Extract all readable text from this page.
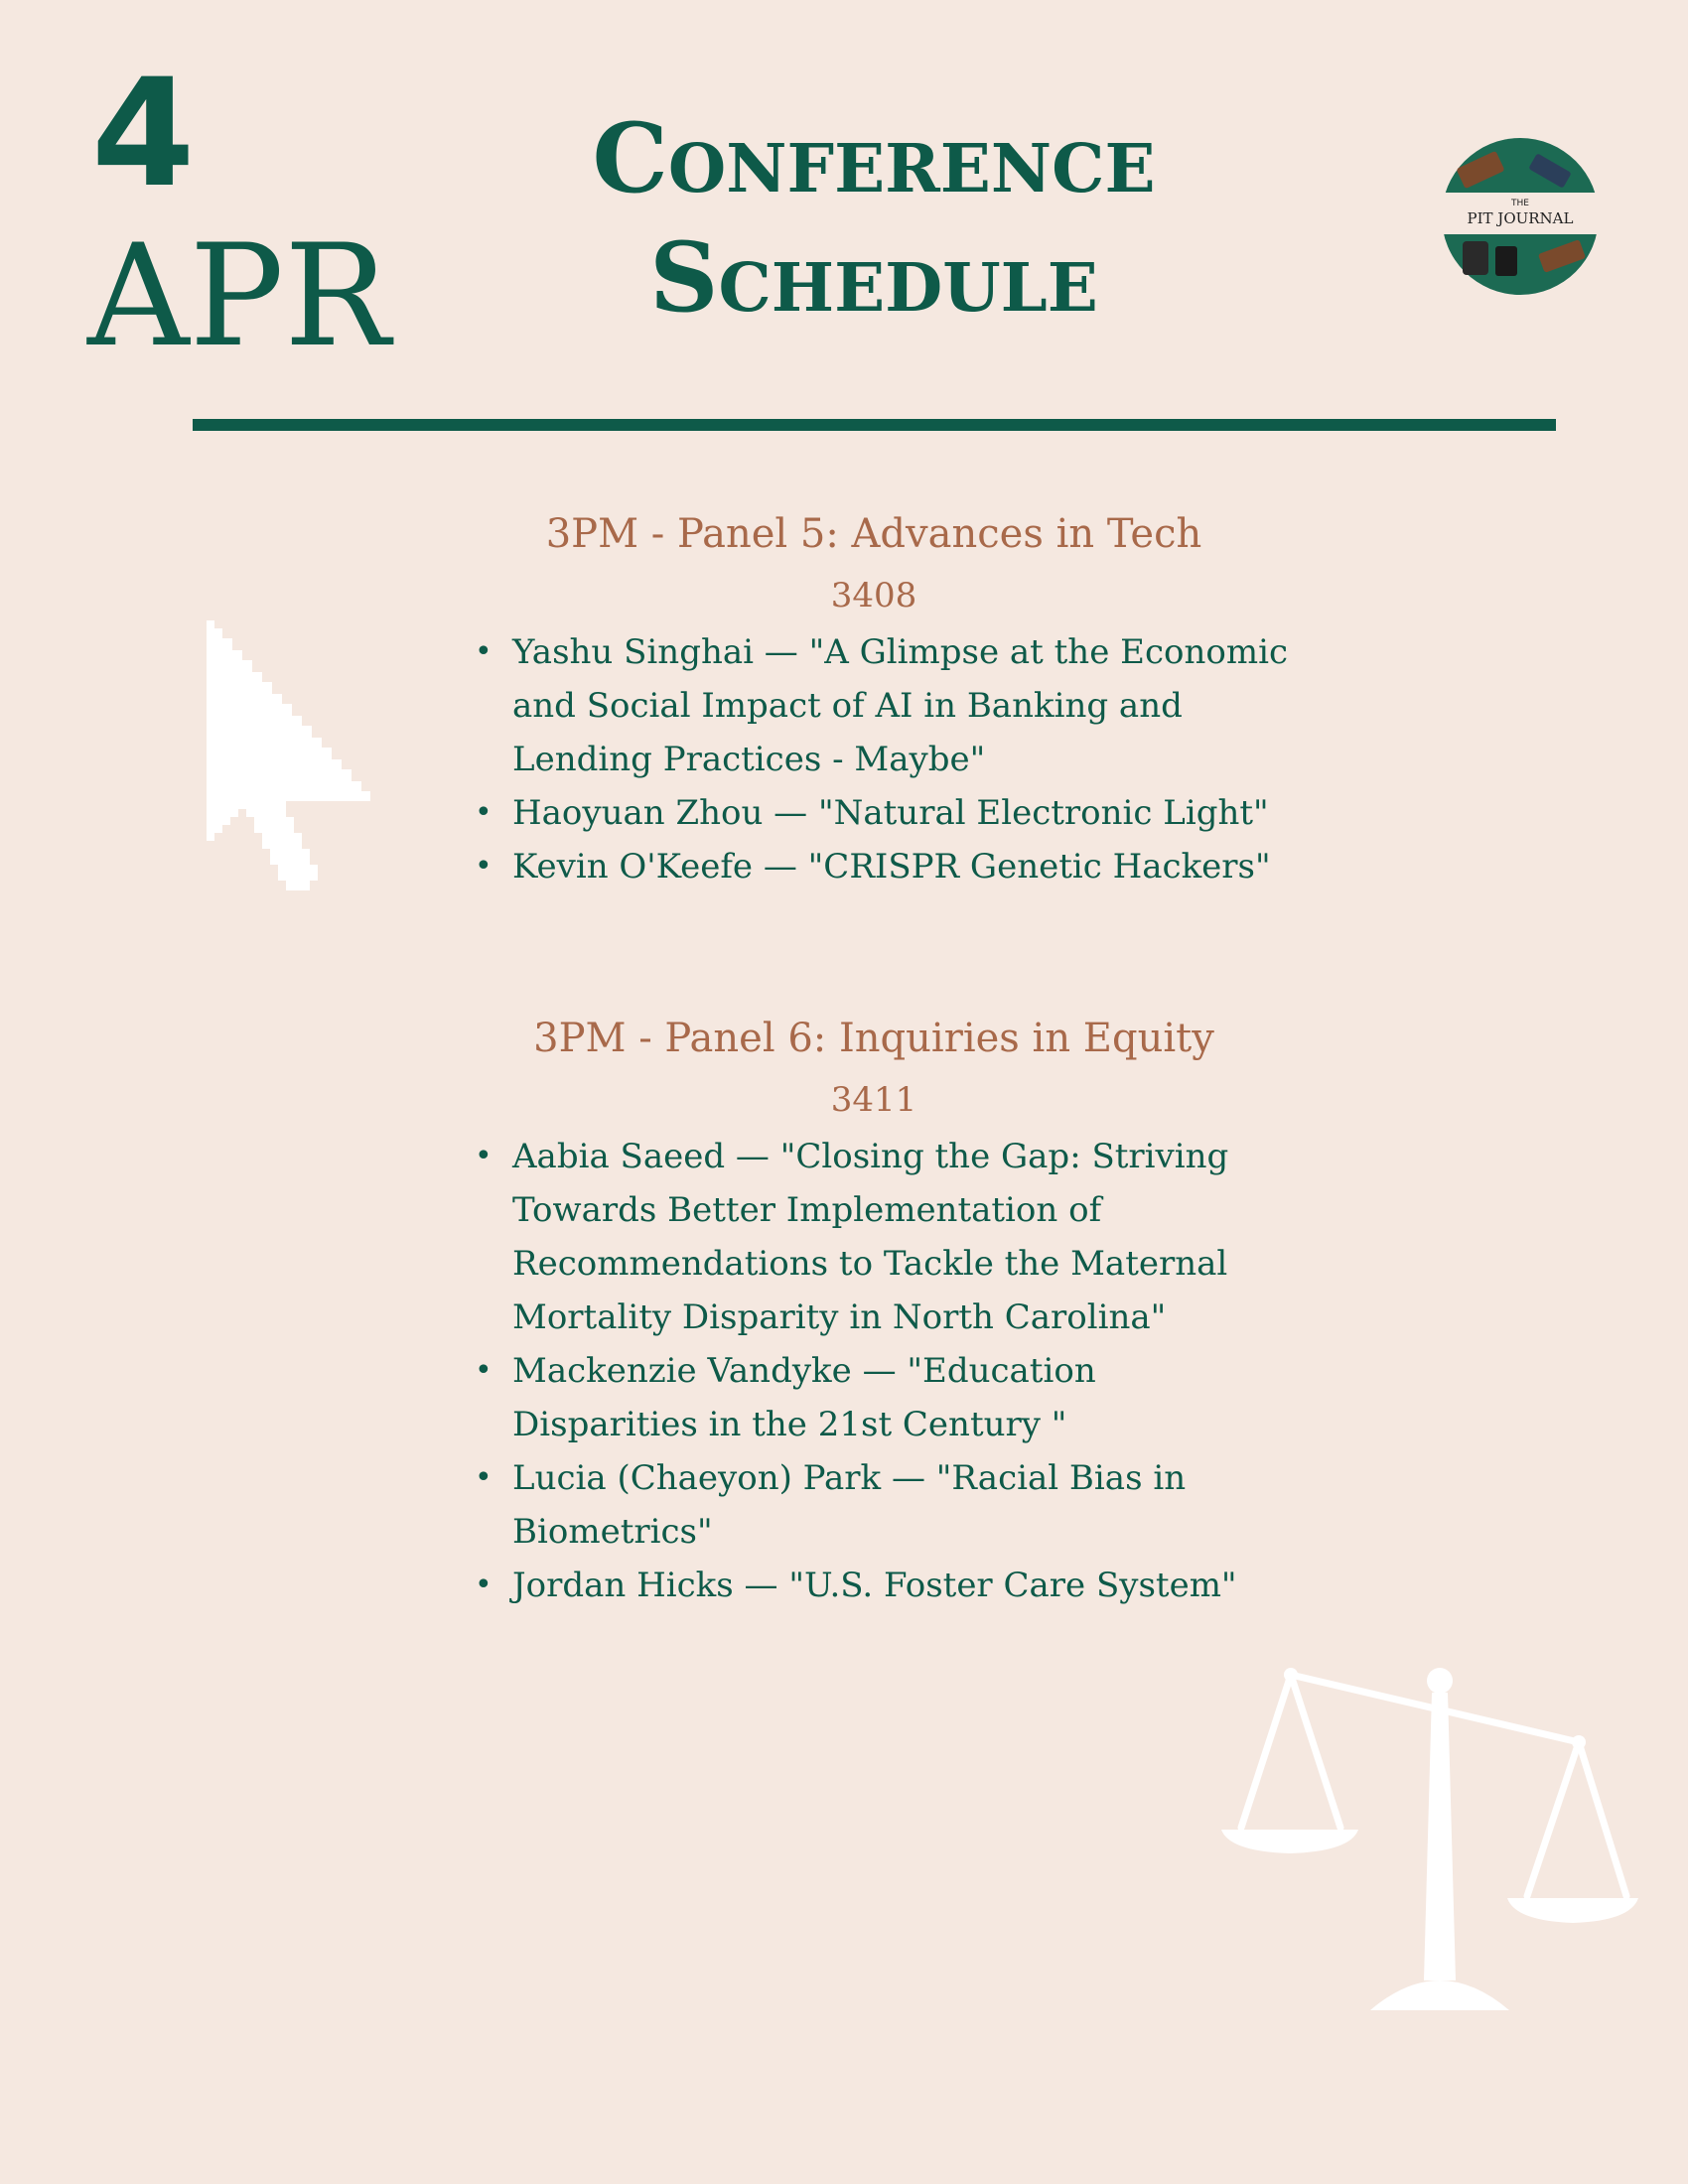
4
APR
Conference
Schedule
THE
PIT JOURNAL
3PM - Panel 5: Advances in Tech
3408
• Yashu Singhai — "A Glimpse at the Economic and Social Impact of AI in Banking and Lending Practices - Maybe"
• Haoyuan Zhou — "Natural Electronic Light"
• Kevin O'Keefe — "CRISPR Genetic Hackers"
3PM - Panel 6: Inquiries in Equity
3411
• Aabia Saeed — "Closing the Gap: Striving Towards Better Implementation of Recommendations to Tackle the Maternal Mortality Disparity in North Carolina"
• Mackenzie Vandyke — "Education Disparities in the 21st Century "
• Lucia (Chaeyon) Park — "Racial Bias in Biometrics"
• Jordan Hicks — "U.S. Foster Care System"
